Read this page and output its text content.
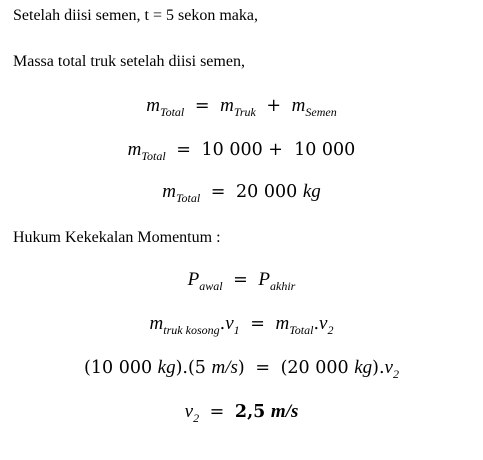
Setelah diisi semen, t = 5 sekon maka,
Massa total truk setelah diisi semen,
$m_{Total} = m_{Truk} + m_{Semen}$
$m_{Total} = 10$ 000 +  10 000
$m_{Total} = 20$ 000 kg
Hukum Kekekalan Momentum :
$P_{awal} = P_{akhir}$
$m_{truk kosong}.v_1 = m_{Total}.v_2$
(10 000 kg).(5 m/s) = (20 000 $kg).v_2$
$v_2 = 2,5$ m/s
